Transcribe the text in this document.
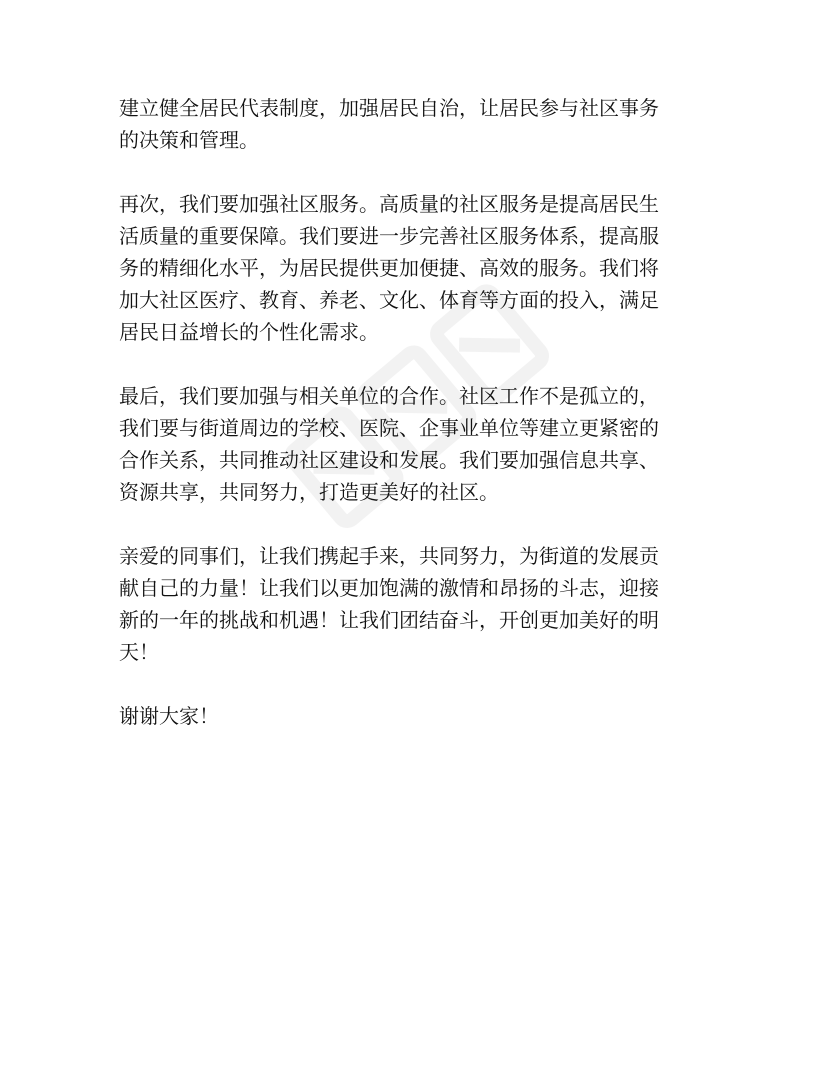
建立健全居民代表制度，加强居民自治，让居民参与社区事务
的决策和管理。

再次，我们要加强社区服务。高质量的社区服务是提高居民生
活质量的重要保障。我们要进一步完善社区服务体系，提高服
务的精细化水平，为居民提供更加便捷、高效的服务。我们将
加大社区医疗、教育、养老、文化、体育等方面的投入，满足
居民日益增长的个性化需求。

最后，我们要加强与相关单位的合作。社区工作不是孤立的，
我们要与街道周边的学校、医院、企事业单位等建立更紧密的
合作关系，共同推动社区建设和发展。我们要加强信息共享、
资源共享，共同努力，打造更美好的社区。

亲爱的同事们，让我们携起手来，共同努力，为街道的发展贡
献自己的力量！让我们以更加饱满的激情和昂扬的斗志，迎接
新的一年的挑战和机遇！让我们团结奋斗，开创更加美好的明
天！

谢谢大家！
